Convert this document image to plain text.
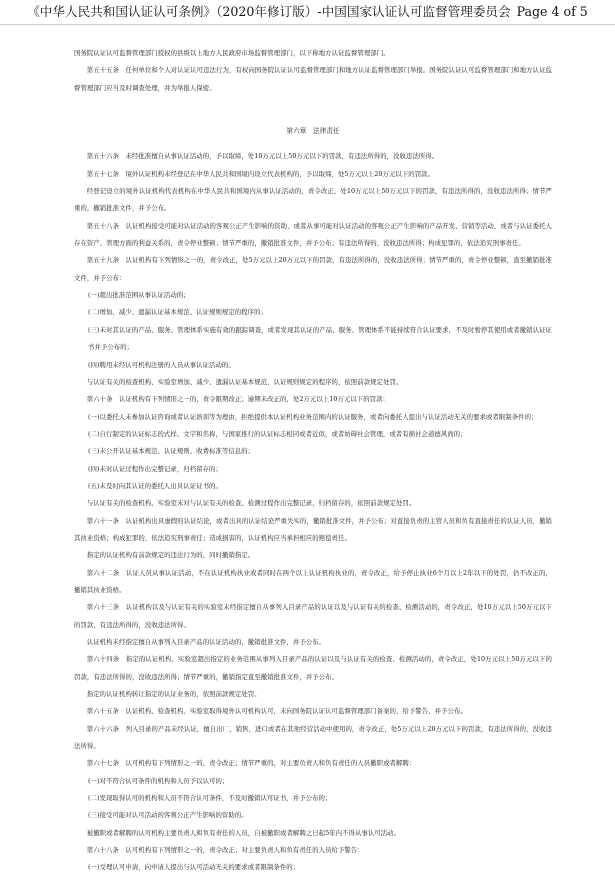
《中华人民共和国认证认可条例》（2020年修订版）-中国国家认证认可监督管理委员会 Page 4 of 5

国务院认证认可监督管理部门授权的县级以上地方人民政府市场监督管理部门，以下称地方认证监督管理部门。

第五十五条　任何单位和个人对认证认可违法行为，有权向国务院认证认可监督管理部门和地方认证监督管理部门举报。国务院认证认可监督管理部门和地方认证监督管理部门应当及时调查处理，并为举报人保密。

第六章　法律责任

第五十六条　未经批准擅自从事认证活动的，予以取缔，处10万元以上50万元以下的罚款，有违法所得的，没收违法所得。

第五十七条　境外认证机构未经登记在中华人民共和国境内设立代表机构的，予以取缔，处5万元以上20万元以下的罚款。

经登记设立的境外认证机构代表机构在中华人民共和国境内从事认证活动的，责令改正，处10万元以上50万元以下的罚款，有违法所得的，没收违法所得；情节严重的，撤销批准文件，并予公布。

第五十八条　认证机构接受可能对认证活动的客观公正产生影响的资助，或者从事可能对认证活动的客观公正产生影响的产品开发、营销等活动，或者与认证委托人存在资产、管理方面的利益关系的，责令停业整顿；情节严重的，撤销批准文件，并予公布；有违法所得的，没收违法所得；构成犯罪的，依法追究刑事责任。

第五十九条　认证机构有下列情形之一的，责令改正，处5万元以上20万元以下的罚款，有违法所得的，没收违法所得；情节严重的，责令停业整顿，直至撤销批准文件，并予公布：

(一)超出批准范围从事认证活动的；

(二)增加、减少、遗漏认证基本规范、认证规则规定的程序的；

(三)未对其认证的产品、服务、管理体系实施有效的跟踪调查，或者发现其认证的产品、服务、管理体系不能持续符合认证要求，不及时暂停其使用或者撤销认证证书并予公布的；

(四)聘用未经认可机构注册的人员从事认证活动的。

与认证有关的检查机构、实验室增加、减少、遗漏认证基本规范、认证规则规定的程序的，依照前款规定处罚。

第六十条　认证机构有下列情形之一的，责令限期改正；逾期未改正的，处2万元以上10万元以下的罚款：

(一)以委托人未参加认证咨询或者认证培训等为理由，拒绝提供本认证机构业务范围内的认证服务，或者向委托人提出与认证活动无关的要求或者限制条件的；

(二)自行制定的认证标志的式样、文字和名称，与国家推行的认证标志相同或者近似，或者妨碍社会管理，或者有损社会道德风尚的；

(三)未公开认证基本规范、认证规则、收费标准等信息的；

(四)未对认证过程作出完整记录，归档留存的；

(五)未及时向其认证的委托人出具认证证书的。

与认证有关的检查机构、实验室未对与认证有关的检查、检测过程作出完整记录，归档留存的，依照前款规定处罚。

第六十一条　认证机构出具虚假的认证结论，或者出具的认证结论严重失实的，撤销批准文件，并予公布；对直接负责的主管人员和负有直接责任的认证人员，撤销其执业资格；构成犯罪的，依法追究刑事责任；造成损害的，认证机构应当承担相应的赔偿责任。

指定的认证机构有前款规定的违法行为的，同时撤销指定。

第六十二条　认证人员从事认证活动，不在认证机构执业或者同时在两个以上认证机构执业的，责令改正，给予停止执业6个月以上2年以下的处罚，仍不改正的，撤销其执业资格。

第六十三条　认证机构以及与认证有关的实验室未经指定擅自从事列入目录产品的认证以及与认证有关的检查、检测活动的，责令改正，处10万元以上50万元以下的罚款，有违法所得的，没收违法所得。

认证机构未经指定擅自从事列入目录产品的认证活动的，撤销批准文件，并予公布。

第六十四条　指定的认证机构、实验室超出指定的业务范围从事列入目录产品的认证以及与认证有关的检查、检测活动的，责令改正，处10万元以上50万元以下的罚款，有违法所得的，没收违法所得；情节严重的，撤销指定直至撤销批准文件，并予公布。

指定的认证机构转让指定的认证业务的，依照前款规定处罚。

第六十五条　认证机构、检查机构、实验室取得境外认可机构认可，未向国务院认证认可监督管理部门备案的，给予警告，并予公布。

第六十六条　列入目录的产品未经认证，擅自出厂、销售、进口或者在其他经营活动中使用的，责令改正，处5万元以上20万元以下的罚款，有违法所得的，没收违法所得。

第六十七条　认可机构有下列情形之一的，责令改正；情节严重的，对主要负责人和负有责任的人员撤职或者解聘：

(一)对不符合认可条件的机构和人员予以认可的；

(二)发现取得认可的机构和人员不符合认可条件，不及时撤销认可证书，并予公布的；

(三)接受可能对认可活动的客观公正产生影响的资助的。

被撤职或者解聘的认可机构主要负责人和负有责任的人员，自被撤职或者解聘之日起5年内不得从事认可活动。

第六十八条　认可机构有下列情形之一的，责令改正；对主要负责人和负有责任的人员给予警告：

(一)受理认可申请，向申请人提出与认可活动无关的要求或者限制条件的；
